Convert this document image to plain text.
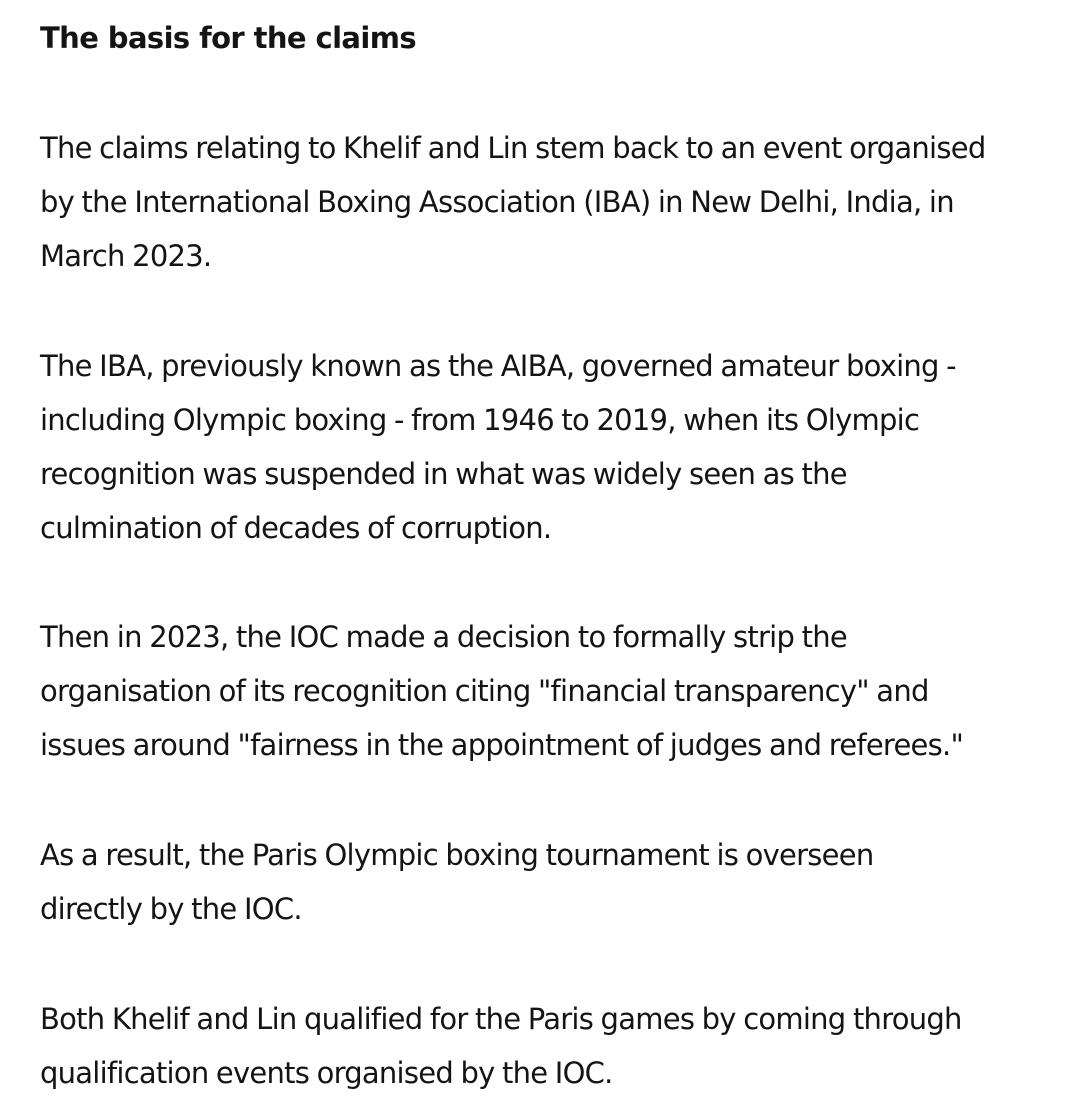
The basis for the claims

The claims relating to Khelif and Lin stem back to an event organised
by the International Boxing Association (IBA) in New Delhi, India, in
March 2023.

The IBA, previously known as the AIBA, governed amateur boxing -
including Olympic boxing - from 1946 to 2019, when its Olympic
recognition was suspended in what was widely seen as the
culmination of decades of corruption.

Then in 2023, the IOC made a decision to formally strip the
organisation of its recognition citing "financial transparency" and
issues around "fairness in the appointment of judges and referees."

As a result, the Paris Olympic boxing tournament is overseen
directly by the IOC.

Both Khelif and Lin qualified for the Paris games by coming through
qualification events organised by the IOC.
